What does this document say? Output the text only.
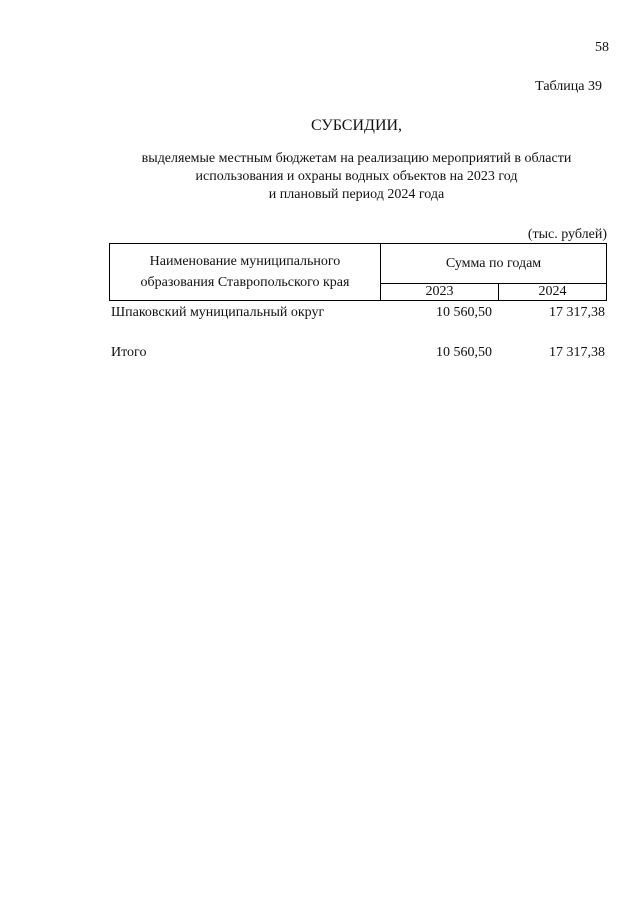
58
Таблица 39
СУБСИДИИ,
выделяемые местным бюджетам на реализацию мероприятий в области
использования и охраны водных объектов на 2023 год
и плановый период 2024 года
(тыс. рублей)
Наименование муниципального
образования Ставропольского края
Сумма по годам
2023	2024
Шпаковский муниципальный округ	10 560,50	17 317,38
Итого	10 560,50	17 317,38
